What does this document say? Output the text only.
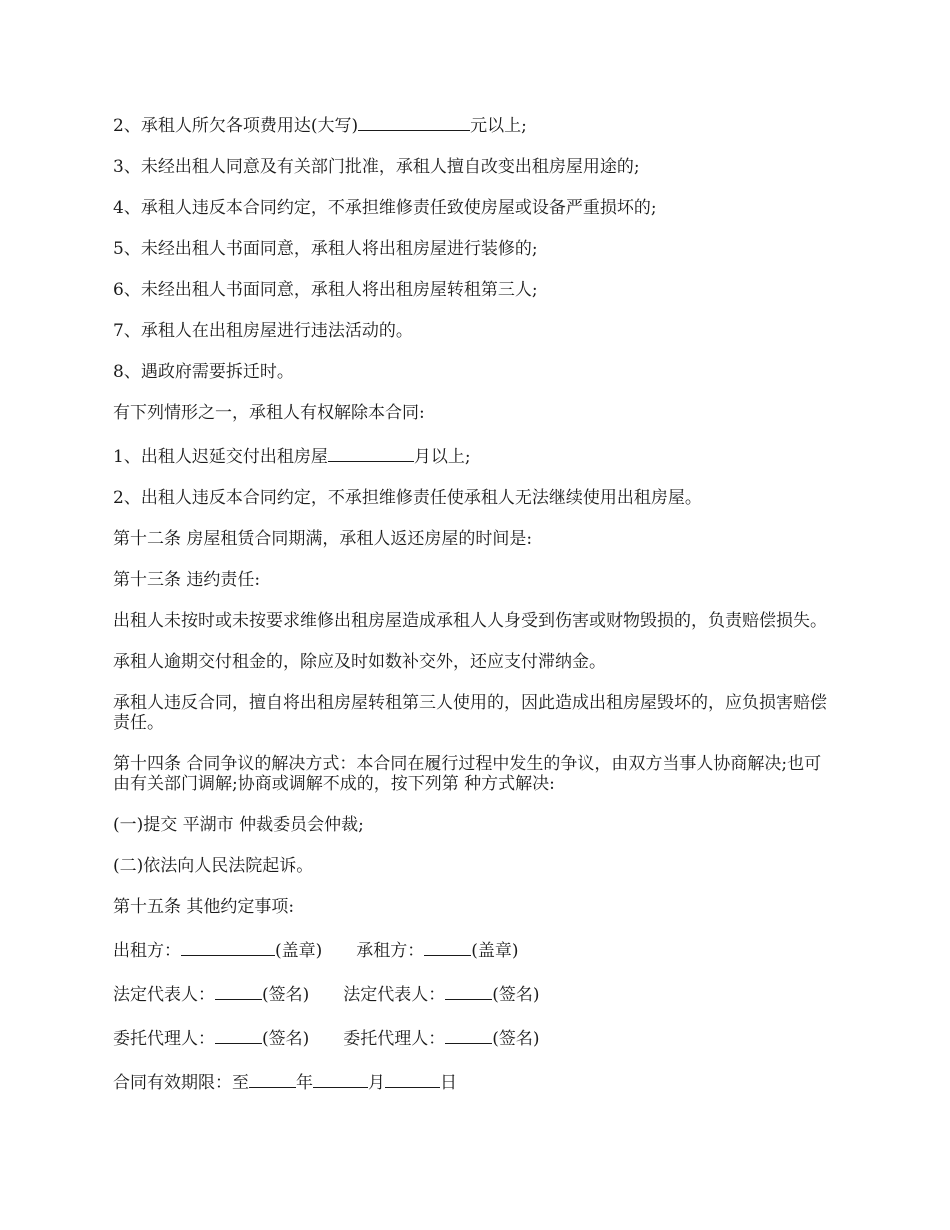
2、承租人所欠各项费用达(大写)	元以上;

3、未经出租人同意及有关部门批准，承租人擅自改变出租房屋用途的;

4、承租人违反本合同约定，不承担维修责任致使房屋或设备严重损坏的;

5、未经出租人书面同意，承租人将出租房屋进行装修的;

6、未经出租人书面同意，承租人将出租房屋转租第三人;

7、承租人在出租房屋进行违法活动的。

8、遇政府需要拆迁时。

有下列情形之一，承租人有权解除本合同:

1、出租人迟延交付出租房屋	月以上;

2、出租人违反本合同约定，不承担维修责任使承租人无法继续使用出租房屋。

第十二条 房屋租赁合同期满，承租人返还房屋的时间是:

第十三条 违约责任:

出租人未按时或未按要求维修出租房屋造成承租人人身受到伤害或财物毁损的，负责赔偿损失。

承租人逾期交付租金的，除应及时如数补交外，还应支付滞纳金。

承租人违反合同，擅自将出租房屋转租第三人使用的，因此造成出租房屋毁坏的，应负损害赔偿责任。

第十四条 合同争议的解决方式：本合同在履行过程中发生的争议，由双方当事人协商解决;也可由有关部门调解;协商或调解不成的，按下列第 种方式解决:

(一)提交 平湖市 仲裁委员会仲裁;

(二)依法向人民法院起诉。

第十五条 其他约定事项:

出租方：	(盖章) 承租方：	(盖章)

法定代表人：	(签名) 法定代表人：	(签名)

委托代理人：	(签名) 委托代理人：	(签名)

合同有效期限：至	年	月	日
